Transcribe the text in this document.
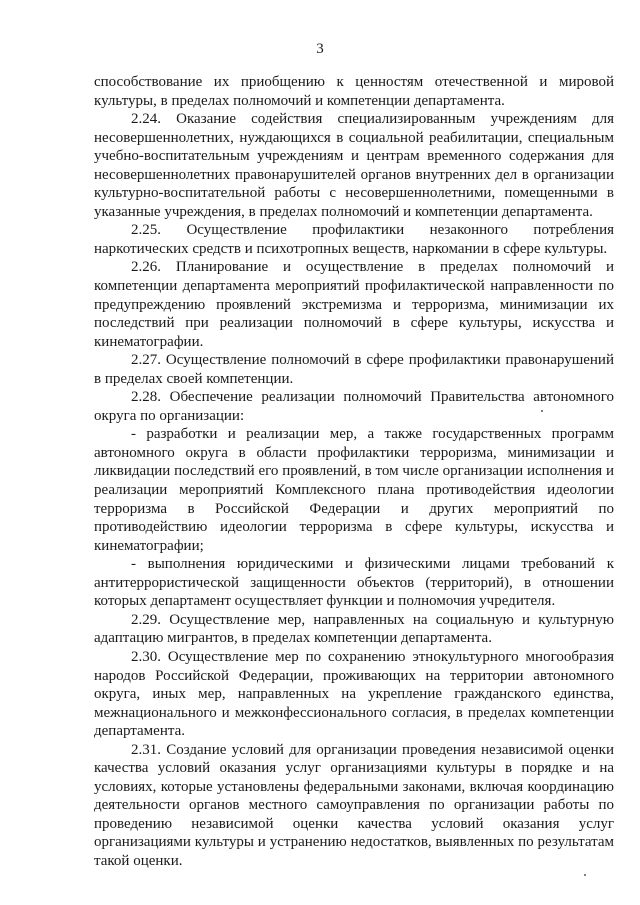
3

способствование их приобщению к ценностям отечественной и мировой культуры, в пределах полномочий и компетенции департамента.

2.24. Оказание содействия специализированным учреждениям для несовершеннолетних, нуждающихся в социальной реабилитации, специальным учебно-воспитательным учреждениям и центрам временного содержания для несовершеннолетних правонарушителей органов внутренних дел в организации культурно-воспитательной работы с несовершеннолетними, помещенными в указанные учреждения, в пределах полномочий и компетенции департамента.

2.25. Осуществление профилактики незаконного потребления наркотических средств и психотропных веществ, наркомании в сфере культуры.

2.26. Планирование и осуществление в пределах полномочий и компетенции департамента мероприятий профилактической направленности по предупреждению проявлений экстремизма и терроризма, минимизации их последствий при реализации полномочий в сфере культуры, искусства и кинематографии.

2.27. Осуществление полномочий в сфере профилактики правонарушений в пределах своей компетенции.

2.28. Обеспечение реализации полномочий Правительства автономного округа по организации:

- разработки и реализации мер, а также государственных программ автономного округа в области профилактики терроризма, минимизации и ликвидации последствий его проявлений, в том числе организации исполнения и реализации мероприятий Комплексного плана противодействия идеологии терроризма в Российской Федерации и других мероприятий по противодействию идеологии терроризма в сфере культуры, искусства и кинематографии;

- выполнения юридическими и физическими лицами требований к антитеррористической защищенности объектов (территорий), в отношении которых департамент осуществляет функции и полномочия учредителя.

2.29. Осуществление мер, направленных на социальную и культурную адаптацию мигрантов, в пределах компетенции департамента.

2.30. Осуществление мер по сохранению этнокультурного многообразия народов Российской Федерации, проживающих на территории автономного округа, иных мер, направленных на укрепление гражданского единства, межнационального и межконфессионального согласия, в пределах компетенции департамента.

2.31. Создание условий для организации проведения независимой оценки качества условий оказания услуг организациями культуры в порядке и на условиях, которые установлены федеральными законами, включая координацию деятельности органов местного самоуправления по организации работы по проведению независимой оценки качества условий оказания услуг организациями культуры и устранению недостатков, выявленных по результатам такой оценки.
